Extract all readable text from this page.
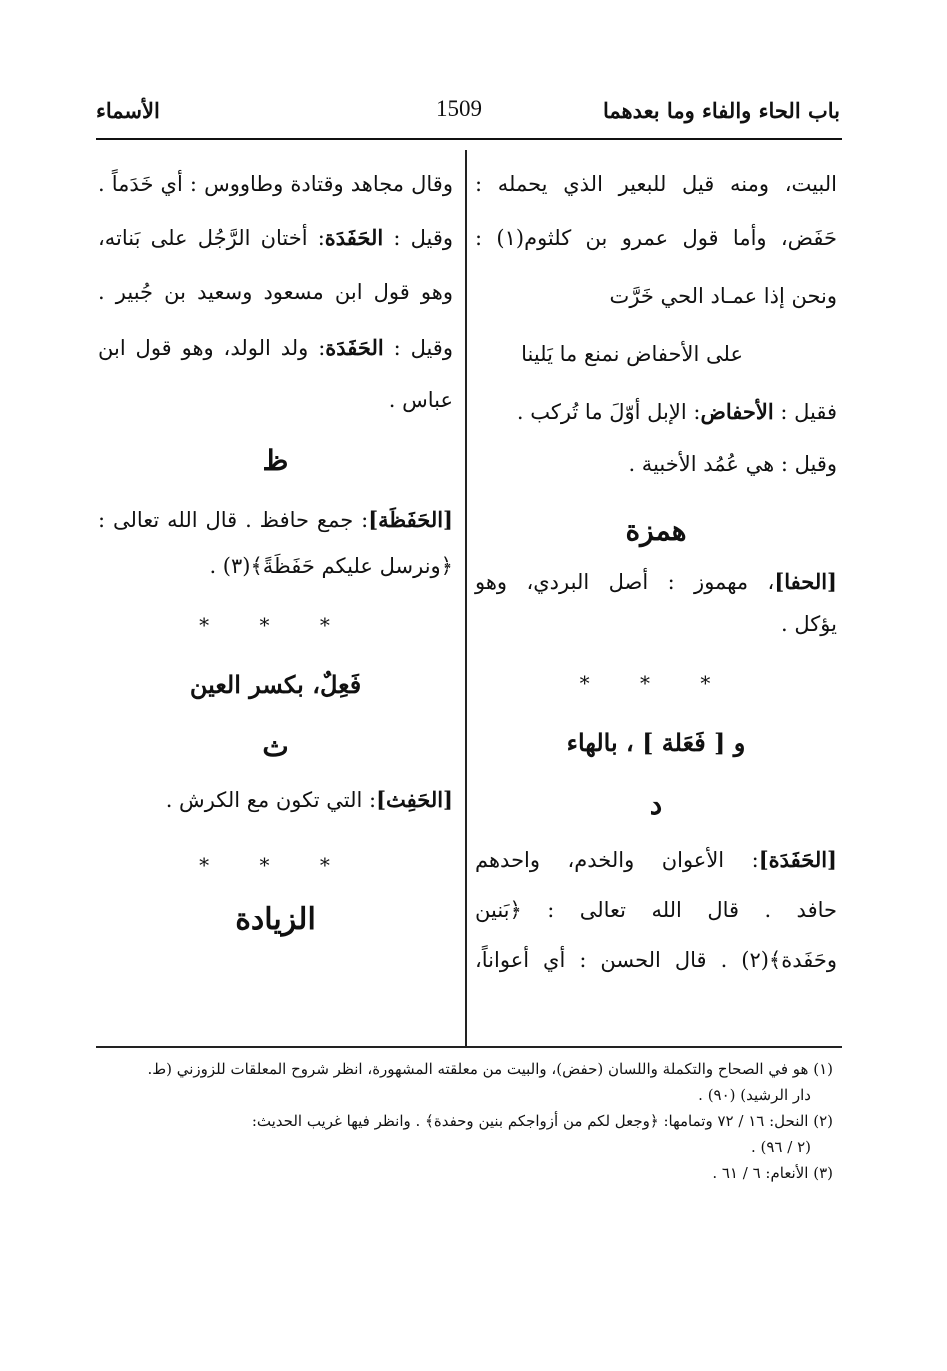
باب الحاء والفاء وما بعدهما
1509
الأسماء
البيت، ومنه قيل للبعير الذي يحمله :
حَفَض، وأما قول عمرو بن كلثوم(١) :
ونحن إذا عمـاد الحي خَرَّت
على الأحفاض نمنع ما يَلينا
فقيل : الأحفاض: الإبل أوّلَ ما تُركب .
وقيل : هي عُمُد الأخبية .
همزة
[الحفا]، مهموز : أصل البردي، وهو
يؤكل .
* * *
و [ فَعَلة ] ، بالهاء
د
[الحَفَدَة]: الأعوان والخدم، واحدهم
حافد . قال الله تعالى : ﴿بَنين
وحَفَدة﴾(٢) . قال الحسن : أي أعواناً،
وقال مجاهد وقتادة وطاووس : أي خَدَماً .
وقيل : الحَفَدَة: أختان الرَّجُل على بَناته،
وهو قول ابن مسعود وسعيد بن جُبير .
وقيل : الحَفَدَة: ولد الولد، وهو قول ابن
عباس .
ظ
[الحَفَظَة]: جمع حافظ . قال الله تعالى :
﴿ونرسل عليكم حَفَظَةً﴾(٣) .
* * *
فَعِلٌ، بكسر العين
ث
[الحَفِث]: التي تكون مع الكرش .
* * *
الزيادة
(١) هو في الصحاح والتكملة واللسان (حفض)، والبيت من معلقته المشهورة، انظر شروح المعلقات للزوزني (ط.
دار الرشيد) (٩٠) .
(٢) النحل: ١٦ / ٧٢ وتمامها: ﴿وجعل لكم من أزواجكم بنين وحفدة﴾ . وانظر فيها غريب الحديث:
(٢ / ٩٦) .
(٣) الأنعام: ٦ / ٦١ .
